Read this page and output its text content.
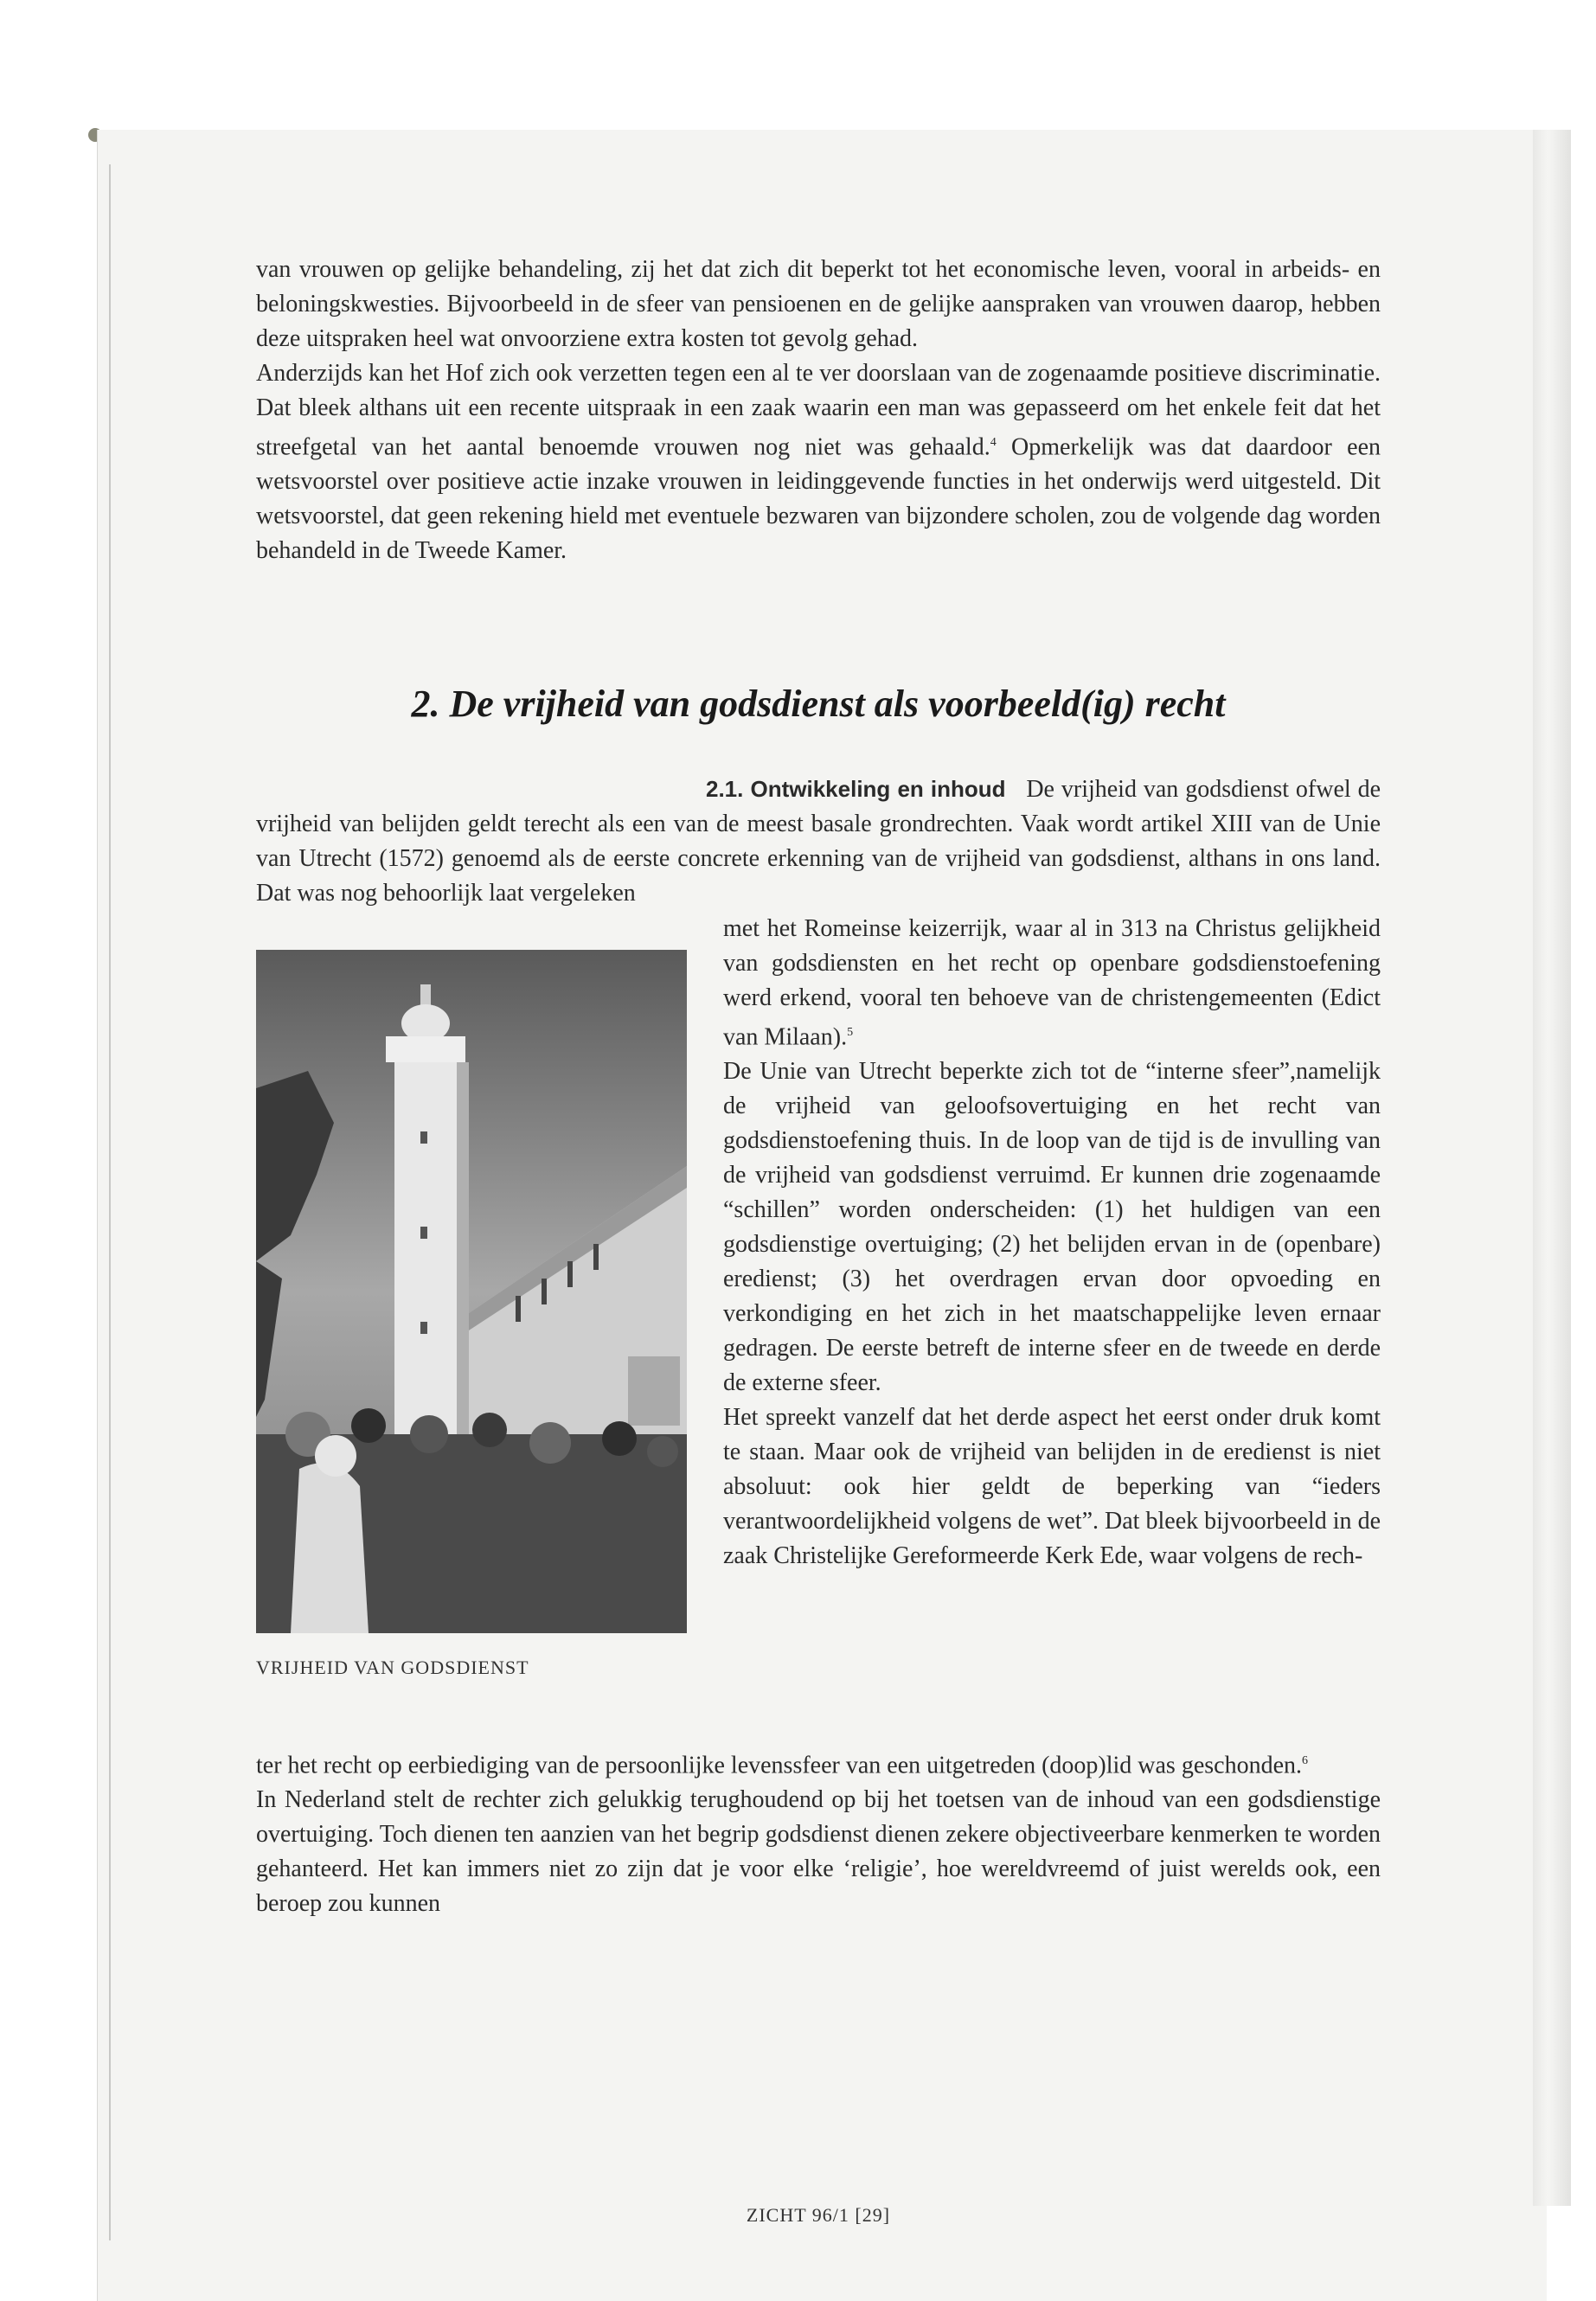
van vrouwen op gelijke behandeling, zij het dat zich dit beperkt tot het economische leven, vooral in arbeids- en beloningskwesties. Bijvoorbeeld in de sfeer van pensioenen en de gelijke aanspraken van vrouwen daarop, hebben deze uitspraken heel wat onvoorziene extra kosten tot gevolg gehad.

Anderzijds kan het Hof zich ook verzetten tegen een al te ver doorslaan van de zogenaamde positieve discriminatie. Dat bleek althans uit een recente uitspraak in een zaak waarin een man was gepasseerd om het enkele feit dat het streefgetal van het aantal benoemde vrouwen nog niet was gehaald.$^4$ Opmerkelijk was dat daardoor een wetsvoorstel over positieve actie inzake vrouwen in leidinggevende functies in het onderwijs werd uitgesteld. Dit wetsvoorstel, dat geen rekening hield met eventuele bezwaren van bijzondere scholen, zou de volgende dag worden behandeld in de Tweede Kamer.

2. De vrijheid van godsdienst als voorbeeld(ig) recht

2.1. Ontwikkeling en inhoud De vrijheid van godsdienst ofwel de vrijheid van belijden geldt terecht als een van de meest basale grondrechten. Vaak wordt artikel XIII van de Unie van Utrecht (1572) genoemd als de eerste concrete erkenning van de vrijheid van godsdienst, althans in ons land. Dat was nog behoorlijk laat vergeleken

VRIJHEID VAN GODSDIENST

met het Romeinse keizerrijk, waar al in 313 na Christus gelijkheid van godsdiensten en het recht op openbare godsdienstoefening werd erkend, vooral ten behoeve van de christengemeenten (Edict van Milaan).$^5$

De Unie van Utrecht beperkte zich tot de “interne sfeer”,namelijk de vrijheid van geloofsovertuiging en het recht van godsdienstoefening thuis. In de loop van de tijd is de invulling van de vrijheid van godsdienst verruimd. Er kunnen drie zogenaamde “schillen” worden onderscheiden: (1) het huldigen van een godsdienstige overtuiging; (2) het belijden ervan in de (openbare) eredienst; (3) het overdragen ervan door opvoeding en verkondiging en het zich in het maatschappelijke leven ernaar gedragen. De eerste betreft de interne sfeer en de tweede en derde de externe sfeer.

Het spreekt vanzelf dat het derde aspect het eerst onder druk komt te staan. Maar ook de vrijheid van belijden in de eredienst is niet absoluut: ook hier geldt de beperking van “ieders verantwoordelijkheid volgens de wet”. Dat bleek bijvoorbeeld in de zaak Christelijke Gereformeerde Kerk Ede, waar volgens de rech-

ter het recht op eerbiediging van de persoonlijke levenssfeer van een uitgetreden (doop)lid was geschonden.$^6$

In Nederland stelt de rechter zich gelukkig terughoudend op bij het toetsen van de inhoud van een godsdienstige overtuiging. Toch dienen ten aanzien van het begrip godsdienst dienen zekere objectiveerbare kenmerken te worden gehanteerd. Het kan immers niet zo zijn dat je voor elke ‘religie’, hoe wereldvreemd of juist werelds ook, een beroep zou kunnen

ZICHT 96/1 [29]
